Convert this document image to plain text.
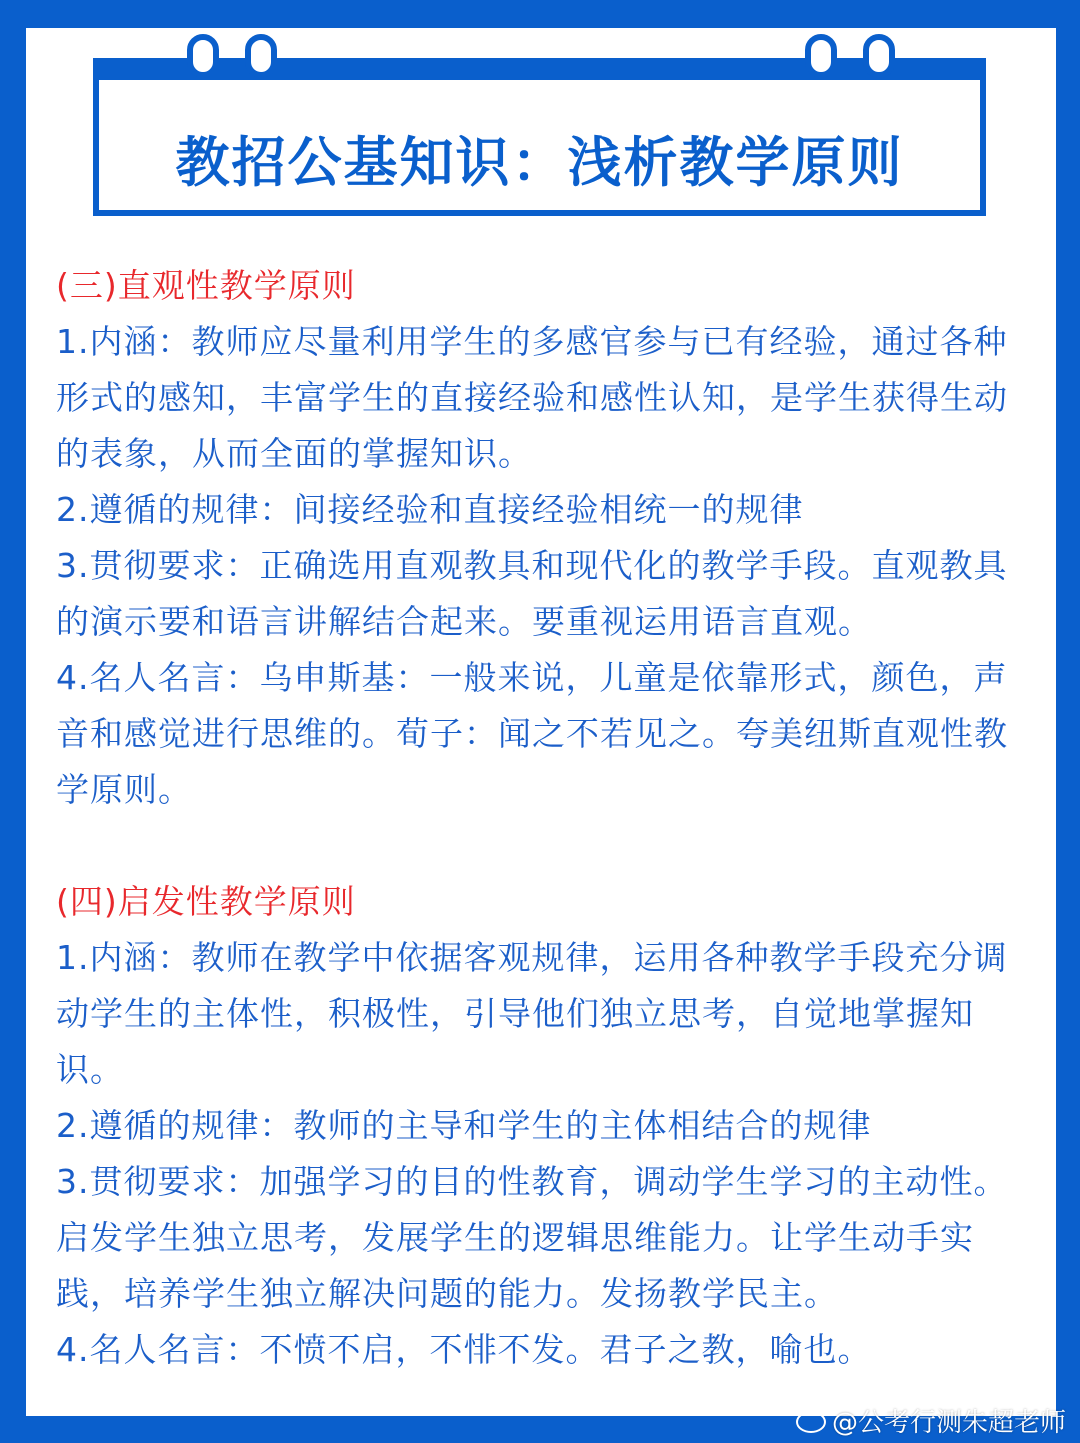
教招公基知识：浅析教学原则

(三)直观性教学原则

1.内涵：教师应尽量利用学生的多感官参与已有经验，通过各种形式的感知，丰富学生的直接经验和感性认知，是学生获得生动的表象，从而全面的掌握知识。

2.遵循的规律：间接经验和直接经验相统一的规律

3.贯彻要求：正确选用直观教具和现代化的教学手段。直观教具的演示要和语言讲解结合起来。要重视运用语言直观。

4.名人名言：乌申斯基：一般来说，儿童是依靠形式，颜色，声音和感觉进行思维的。荀子：闻之不若见之。夸美纽斯直观性教学原则。

(四)启发性教学原则

1.内涵：教师在教学中依据客观规律，运用各种教学手段充分调动学生的主体性，积极性，引导他们独立思考，自觉地掌握知识。

2.遵循的规律：教师的主导和学生的主体相结合的规律

3.贯彻要求：加强学习的目的性教育，调动学生学习的主动性。启发学生独立思考，发展学生的逻辑思维能力。让学生动手实践，培养学生独立解决问题的能力。发扬教学民主。

4.名人名言：不愤不启，不悱不发。君子之教，喻也。

@公考行测朱超老师
